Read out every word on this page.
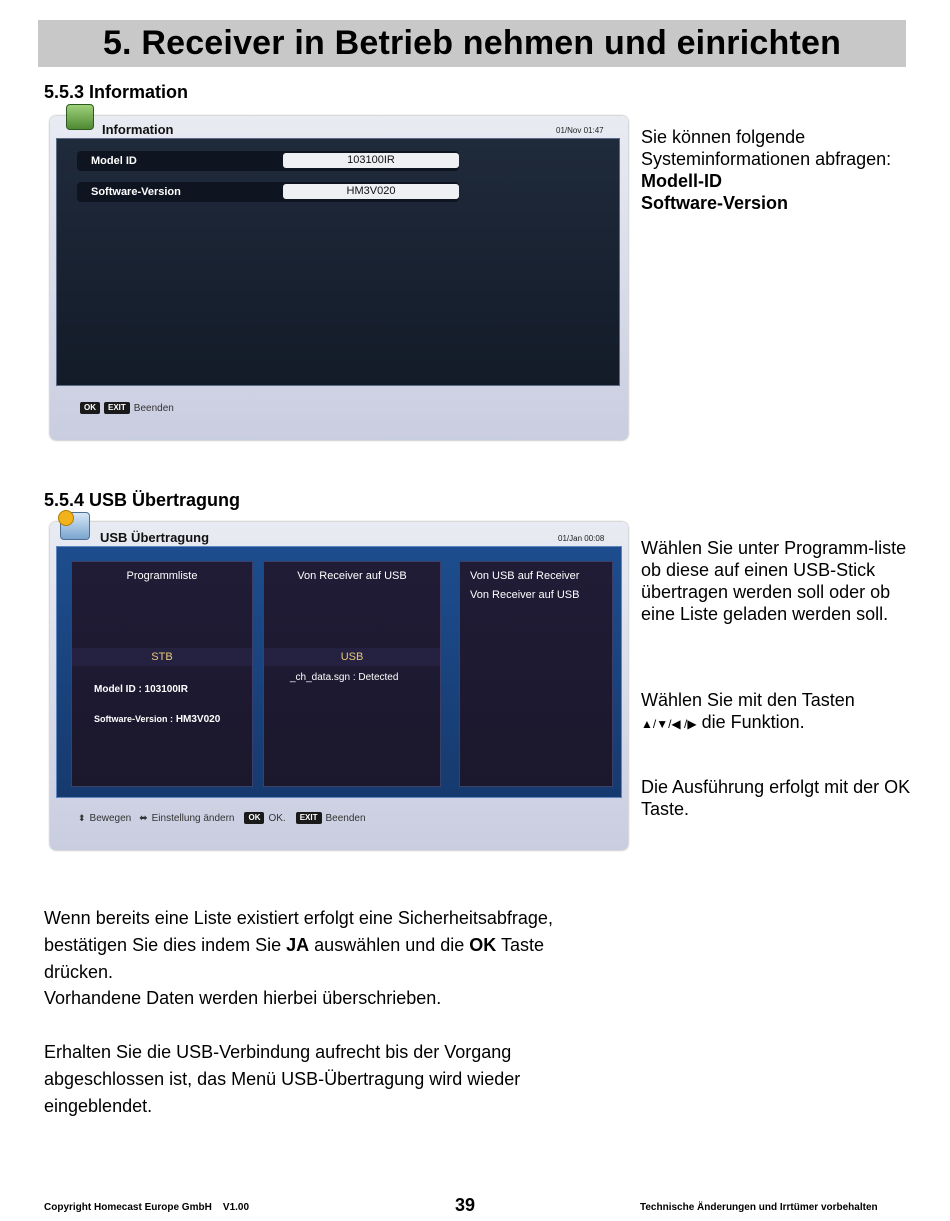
5. Receiver in Betrieb nehmen und einrichten
5.5.3 Information
Information	01/Nov 01:47
Model ID	103100IR
Software-Version	HM3V020
OK	EXIT Beenden
Sie können folgende Systeminformationen abfragen:
Modell-ID
Software-Version
5.5.4 USB Übertragung
USB Übertragung	01/Jan 00:08
Programmliste
STB
Model ID : 103100IR
Software-Version : HM3V020
Von Receiver auf USB
USB
_ch_data.sgn : Detected
Von USB auf Receiver
Von Receiver auf USB
⬍ Bewegen ⬌ Einstellung ändern	OK OK.	EXIT Beenden
Wählen Sie unter Programm-liste ob diese auf einen USB-Stick übertragen werden soll oder ob eine Liste geladen werden soll.
Wählen Sie mit den Tasten
▲/▼/◀ /▶ die Funktion.
Die Ausführung erfolgt mit der OK Taste.
Wenn bereits eine Liste existiert erfolgt eine Sicherheitsabfrage, bestätigen Sie dies indem Sie JA auswählen und die OK Taste drücken.
Vorhandene Daten werden hierbei überschrieben.
Erhalten Sie die USB-Verbindung aufrecht bis der Vorgang abgeschlossen ist, das Menü USB-Übertragung wird wieder eingeblendet.
Copyright Homecast Europe GmbH    V1.00	39	Technische Änderungen und Irrtümer vorbehalten
